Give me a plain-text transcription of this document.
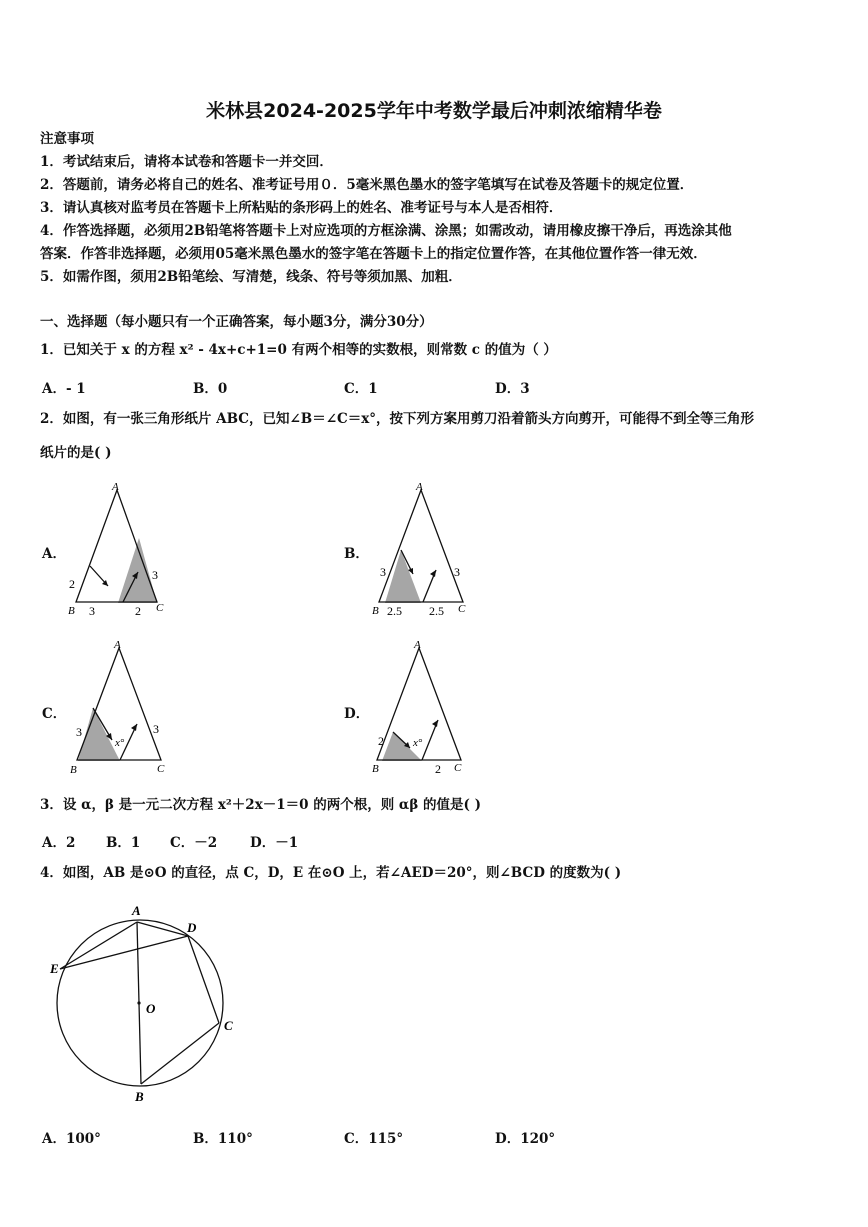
米林县2024-2025学年中考数学最后冲刺浓缩精华卷
注意事项
1．考试结束后，请将本试卷和答题卡一并交回．
2．答题前，请务必将自己的姓名、准考证号用０．5毫米黑色墨水的签字笔填写在试卷及答题卡的规定位置．
3．请认真核对监考员在答题卡上所粘贴的条形码上的姓名、准考证号与本人是否相符．
4．作答选择题，必须用2B铅笔将答题卡上对应选项的方框涂满、涂黑；如需改动，请用橡皮擦干净后，再选涂其他
答案．作答非选择题，必须用05毫米黑色墨水的签字笔在答题卡上的指定位置作答，在其他位置作答一律无效．
5．如需作图，须用2B铅笔绘、写清楚，线条、符号等须加黑、加粗．
一、选择题（每小题只有一个正确答案，每小题3分，满分30分）
1．已知关于 x 的方程 x² - 4x+c+1=0 有两个相等的实数根，则常数 c 的值为（ ）
A．- 1	B．0	C．1	D．3
2．如图，有一张三角形纸片 ABC，已知∠B＝∠C＝x°，按下列方案用剪刀沿着箭头方向剪开，可能得不到全等三角形
纸片的是( )
A．	B．
C．	D．
A
B	C
2
3	2
3
A
B	C
3
2.5 2.5
3
A
B	C
3
x°
3
A
B	C
2	x°
2
3．设 α，β 是一元二次方程 x²＋2x－1＝0 的两个根，则 αβ 的值是( )
A．2 B．1 C．－2 D．－1
4．如图，AB 是⊙O 的直径，点 C，D，E 在⊙O 上，若∠AED＝20°，则∠BCD 的度数为( )
A
D
E
O
C
B
A．100°	B．110°	C．115°	D．120°
